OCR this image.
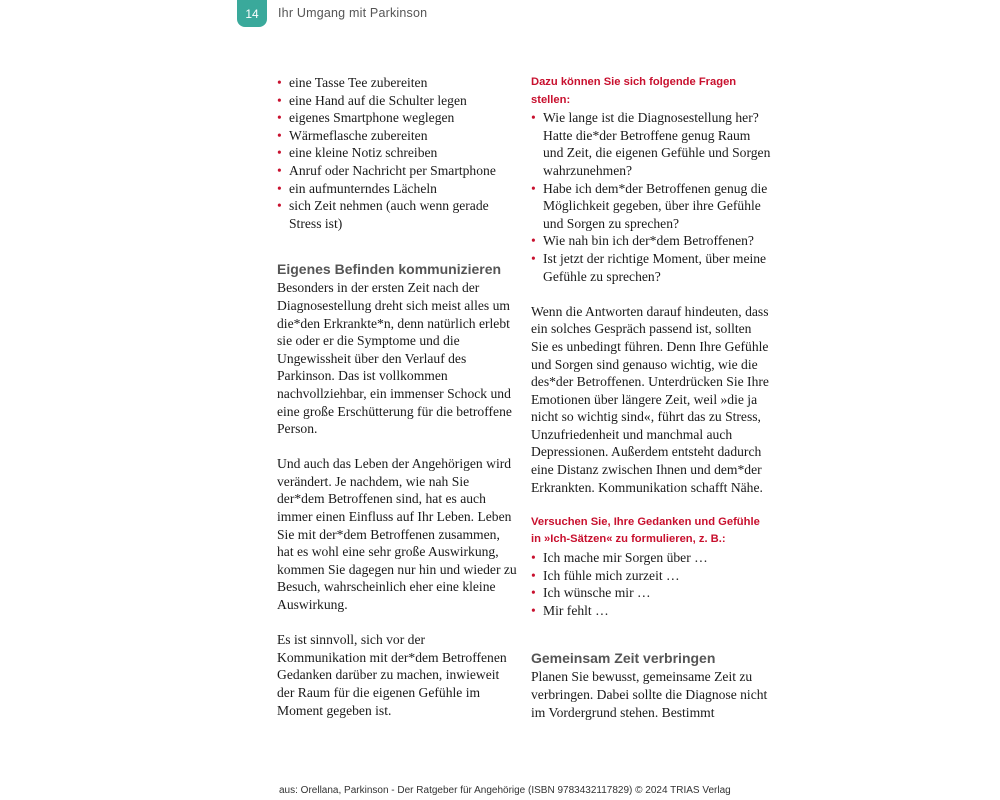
14	Ihr Umgang mit Parkinson
• eine Tasse Tee zubereiten
• eine Hand auf die Schulter legen
• eigenes Smartphone weglegen
• Wärmeflasche zubereiten
• eine kleine Notiz schreiben
• Anruf oder Nachricht per Smartphone
• ein aufmunterndes Lächeln
• sich Zeit nehmen (auch wenn gerade Stress ist)
Eigenes Befinden kommunizieren

Besonders in der ersten Zeit nach der Diagnosestellung dreht sich meist alles um die*den Erkrankte*n, denn natürlich erlebt sie oder er die Symptome und die Ungewissheit über den Verlauf des Parkinson. Das ist vollkommen nachvollziehbar, ein immenser Schock und eine große Erschütterung für die betroffene Person.

Und auch das Leben der Angehörigen wird verändert. Je nachdem, wie nah Sie der*dem Betroffenen sind, hat es auch immer einen Einfluss auf Ihr Leben. Leben Sie mit der*dem Betroffenen zusammen, hat es wohl eine sehr große Auswirkung, kommen Sie dagegen nur hin und wieder zu Besuch, wahrscheinlich eher eine kleine Auswirkung.

Es ist sinnvoll, sich vor der Kommunikation mit der*dem Betroffenen Gedanken darüber zu machen, inwieweit der Raum für die eigenen Gefühle im Moment gegeben ist.

Dazu können Sie sich folgende Fragen stellen:
• Wie lange ist die Diagnosestellung her? Hatte die*der Betroffene genug Raum und Zeit, die eigenen Gefühle und Sorgen wahrzunehmen?
• Habe ich dem*der Betroffenen genug die Möglichkeit gegeben, über ihre Gefühle und Sorgen zu sprechen?
• Wie nah bin ich der*dem Betroffenen?
• Ist jetzt der richtige Moment, über meine Gefühle zu sprechen?

Wenn die Antworten darauf hindeuten, dass ein solches Gespräch passend ist, sollten Sie es unbedingt führen. Denn Ihre Gefühle und Sorgen sind genauso wichtig, wie die des*der Betroffenen. Unterdrücken Sie Ihre Emotionen über längere Zeit, weil »die ja nicht so wichtig sind«, führt das zu Stress, Unzufriedenheit und manchmal auch Depressionen. Außerdem entsteht dadurch eine Distanz zwischen Ihnen und dem*der Erkrankten. Kommunikation schafft Nähe.

Versuchen Sie, Ihre Gedanken und Gefühle in »Ich-Sätzen« zu formulieren, z. B.:
• Ich mache mir Sorgen über …
• Ich fühle mich zurzeit …
• Ich wünsche mir …
• Mir fehlt …
Gemeinsam Zeit verbringen

Planen Sie bewusst, gemeinsame Zeit zu verbringen. Dabei sollte die Diagnose nicht im Vordergrund stehen. Bestimmt

aus: Orellana, Parkinson - Der Ratgeber für Angehörige (ISBN 9783432117829) © 2024 TRIAS Verlag
